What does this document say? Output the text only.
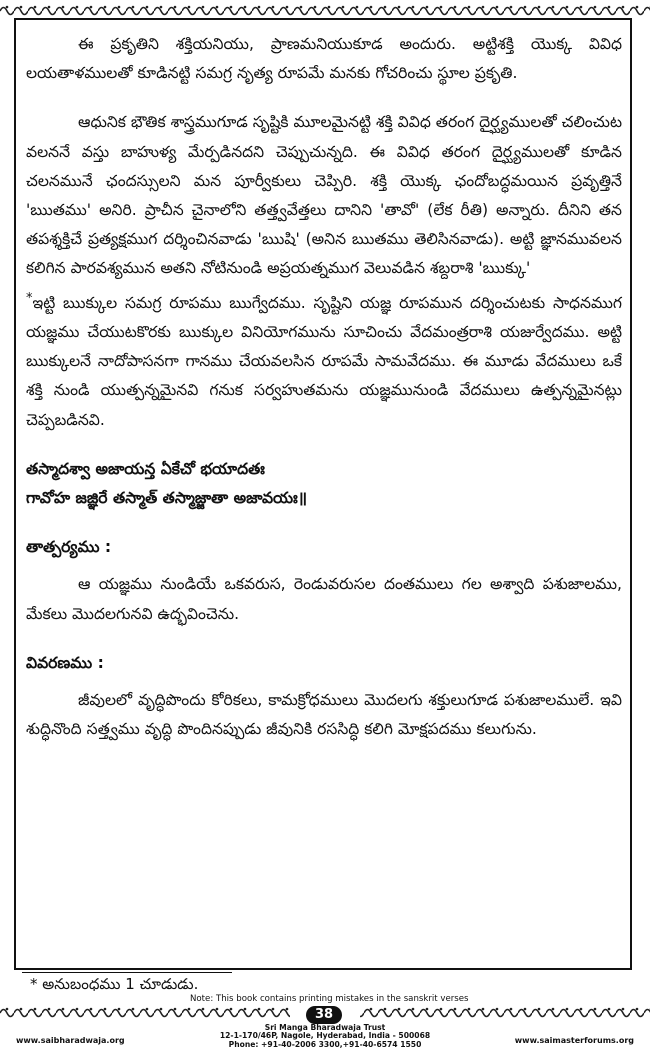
ఈ ప్రకృతిని శక్తియనియు, ప్రాణమనియుకూడ అందురు. అట్టిశక్తి యొక్క వివిధ లయతాళములతో కూడినట్టి సమగ్ర నృత్య రూపమే మనకు గోచరించు స్థూల ప్రకృతి.

ఆధునిక భౌతిక శాస్త్రముగూడ సృష్టికి మూలమైనట్టి శక్తి వివిధ తరంగ దైర్ఘ్యములతో చలించుట వలననే వస్తు బాహుళ్య మేర్పడినదని చెప్పుచున్నది. ఈ వివిధ తరంగ దైర్ఘ్యములతో కూడిన చలనమునే ఛందస్సులని మన పూర్వీకులు చెప్పిరి. శక్తి యొక్క ఛందోబద్ధమయిన ప్రవృత్తినే 'ఋతము' అనిరి. ప్రాచీన చైనాలోని తత్త్వవేత్తలు దానిని 'తావో' (లేక రీతి) అన్నారు. దీనిని తన తపశ్శక్తిచే ప్రత్యక్షముగ దర్శించినవాడు 'ఋషి' (అనిన ఋతము తెలిసినవాడు). అట్టి జ్ఞానమువలన కలిగిన పారవశ్యమున అతని నోటినుండి అప్రయత్నముగ వెలువడిన శబ్దరాశి 'ఋక్కు'
*ఇట్టి ఋక్కుల సమగ్ర రూపము ఋగ్వేదము. సృష్టిని యజ్ఞ రూపమున దర్శించుటకు సాధనముగ యజ్ఞము చేయుటకొరకు ఋక్కుల వినియోగమును సూచించు వేదమంత్రరాశి యజుర్వేదము. అట్టి ఋక్కులనే నాదోపాసనగా గానము చేయవలసిన రూపమే సామవేదము. ఈ మూడు వేదములు ఒకే శక్తి నుండి యుత్పన్నమైనవి గనుక సర్వహుతమను యజ్ఞమునుండి వేదములు ఉత్పన్నమైనట్లు చెప్పబడినవి.

తస్మాదశ్వా అజాయన్త ఏకేచో భయాదతః

గావోహ జజ్ఞిరే తస్మాత్ తస్మాజ్జాతా అజావయః॥

తాత్పర్యము :

ఆ యజ్ఞము నుండియే ఒకవరుస, రెండువరుసల దంతములు గల అశ్వాది పశుజాలము, మేకలు మొదలగునవి ఉద్భవించెను.

వివరణము :

జీవులలో వృద్ధిపొందు కోరికలు, కామక్రోధములు మొదలగు శక్తులుగూడ పశుజాలములే. ఇవి శుద్ధినొంది సత్త్వము వృద్ధి పొందినప్పుడు జీవునికి రససిద్ధి కలిగి మోక్షపదము కలుగును.

* అనుబంధము 1 చూడుడు.
Note: This book contains printing mistakes in the sanskrit verses
38
www.saibharadwaja.org	www.saimasterforums.org
Sri Manga Bharadwaja Trust
12-1-170/46P, Nagole, Hyderabad, India - 500068
Phone: +91-40-2006 3300,+91-40-6574 1550
